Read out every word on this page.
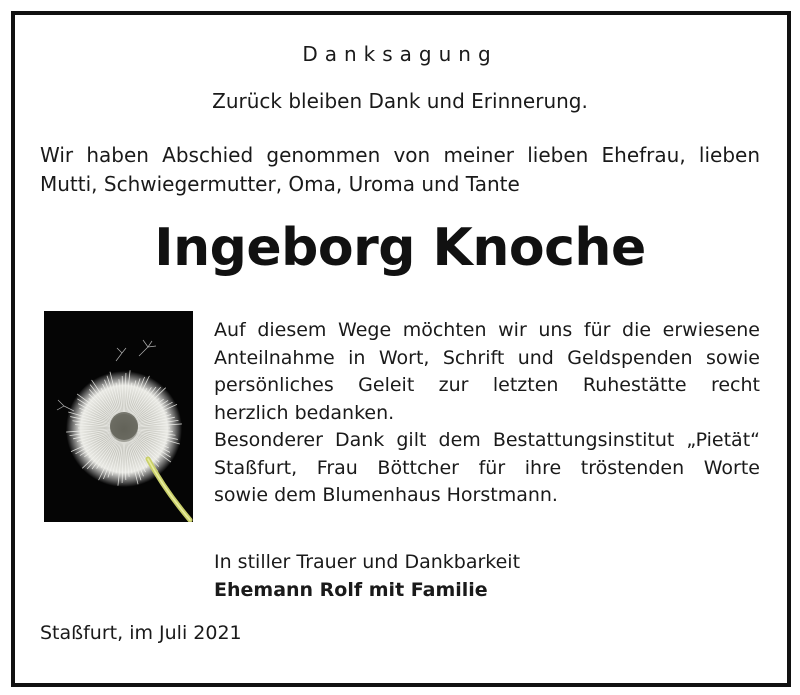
Danksagung
Zurück bleiben Dank und Erinnerung.
Wir haben Abschied genommen von meiner lieben Ehefrau, lieben
Mutti, Schwiegermutter, Oma, Uroma und Tante
Ingeborg Knoche
Auf diesem Wege möchten wir uns für die erwiesene
Anteilnahme in Wort, Schrift und Geldspenden sowie
persönliches Geleit zur letzten Ruhestätte recht
herzlich bedanken.
Besonderer Dank gilt dem Bestattungsinstitut „Pietät“
Staßfurt, Frau Böttcher für ihre tröstenden Worte
sowie dem Blumenhaus Horstmann.
In stiller Trauer und Dankbarkeit
Ehemann Rolf mit Familie
Staßfurt, im Juli 2021
